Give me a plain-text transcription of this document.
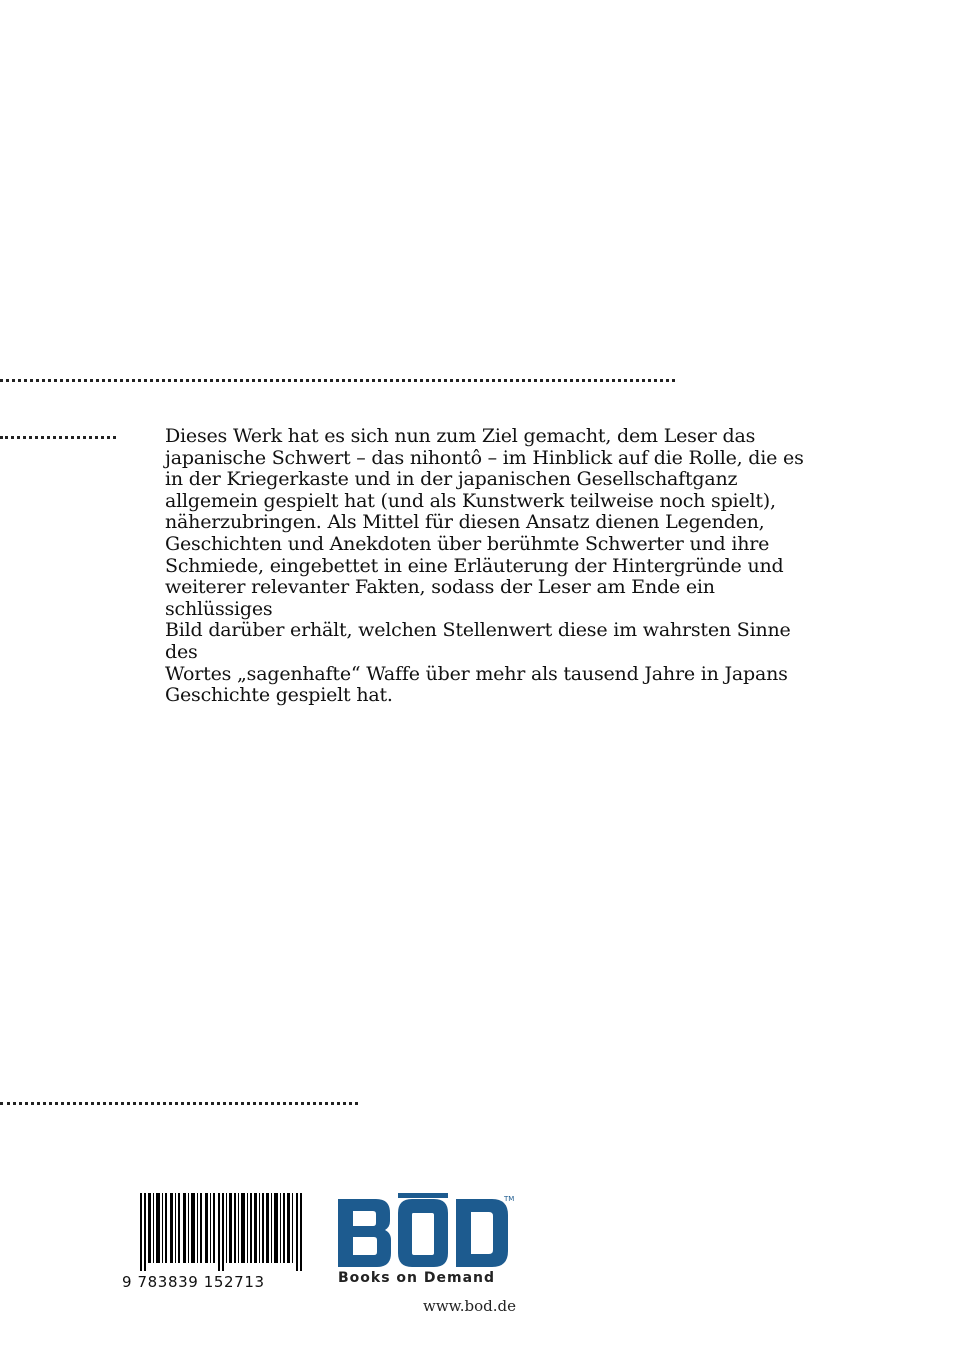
Dieses Werk hat es sich nun zum Ziel gemacht, dem Leser das
japanische Schwert – das nihontô – im Hinblick auf die Rolle, die es
in der Kriegerkaste und in der japanischen Gesellschaftganz
allgemein gespielt hat (und als Kunstwerk teilweise noch spielt),
näherzubringen. Als Mittel für diesen Ansatz dienen Legenden,
Geschichten und Anekdoten über berühmte Schwerter und ihre
Schmiede, eingebettet in eine Erläuterung der Hintergründe und
weiterer relevanter Fakten, sodass der Leser am Ende ein schlüssiges
Bild darüber erhält, welchen Stellenwert diese im wahrsten Sinne des
Wortes „sagenhafte“ Waffe über mehr als tausend Jahre in Japans
Geschichte gespielt hat.

9 783839 152713
TM
Books on Demand
www.bod.de
